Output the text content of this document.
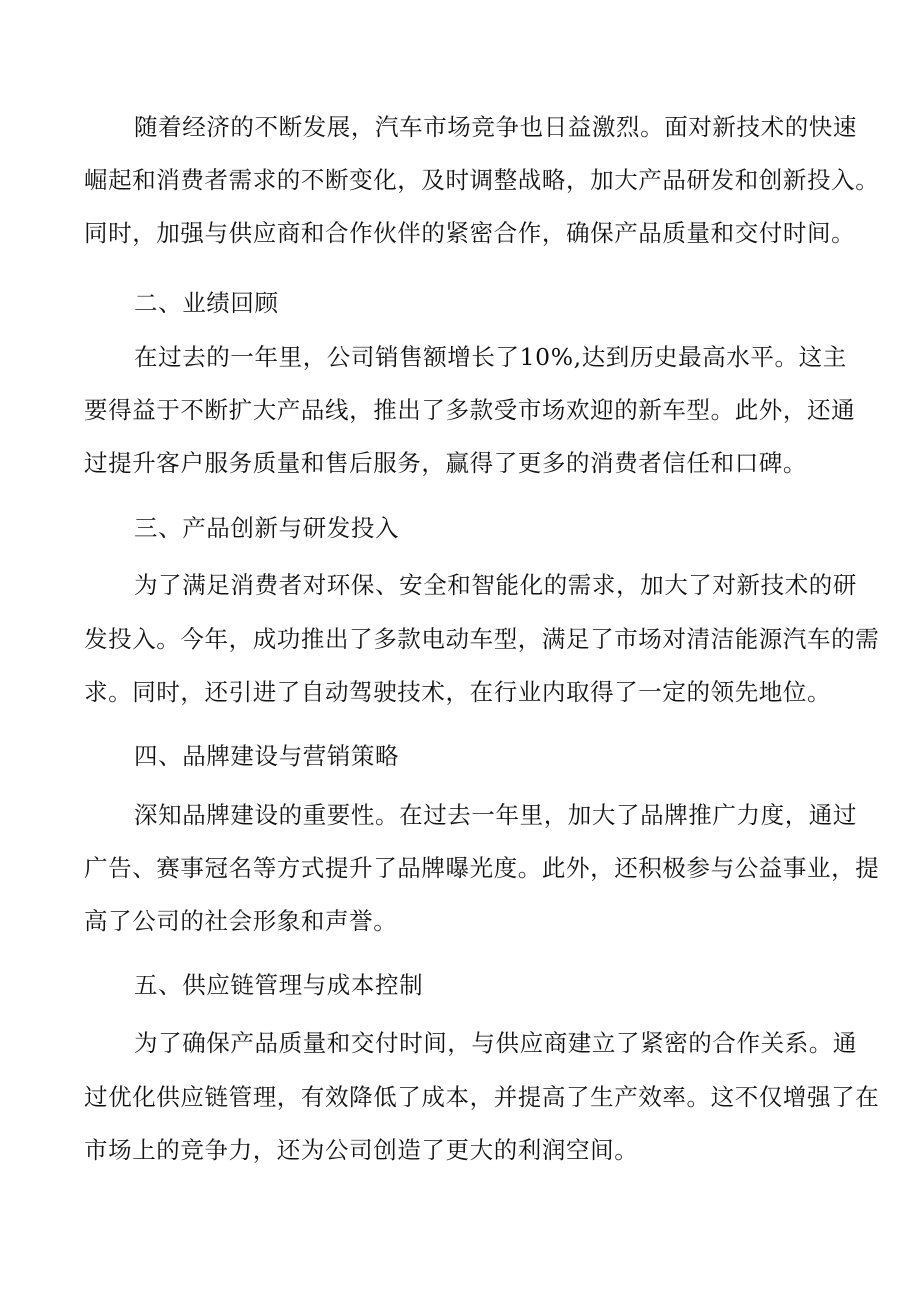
随着经济的不断发展，汽车市场竞争也日益激烈。面对新技术的快速
崛起和消费者需求的不断变化，及时调整战略，加大产品研发和创新投入。
同时，加强与供应商和合作伙伴的紧密合作，确保产品质量和交付时间。
二、业绩回顾
在过去的一年里，公司销售额增长了10%,达到历史最高水平。这主
要得益于不断扩大产品线，推出了多款受市场欢迎的新车型。此外，还通
过提升客户服务质量和售后服务，赢得了更多的消费者信任和口碑。
三、产品创新与研发投入
为了满足消费者对环保、安全和智能化的需求，加大了对新技术的研
发投入。今年，成功推出了多款电动车型，满足了市场对清洁能源汽车的需
求。同时，还引进了自动驾驶技术，在行业内取得了一定的领先地位。
四、品牌建设与营销策略
深知品牌建设的重要性。在过去一年里，加大了品牌推广力度，通过
广告、赛事冠名等方式提升了品牌曝光度。此外，还积极参与公益事业，提
高了公司的社会形象和声誉。
五、供应链管理与成本控制
为了确保产品质量和交付时间，与供应商建立了紧密的合作关系。通
过优化供应链管理，有效降低了成本，并提高了生产效率。这不仅增强了在
市场上的竞争力，还为公司创造了更大的利润空间。
